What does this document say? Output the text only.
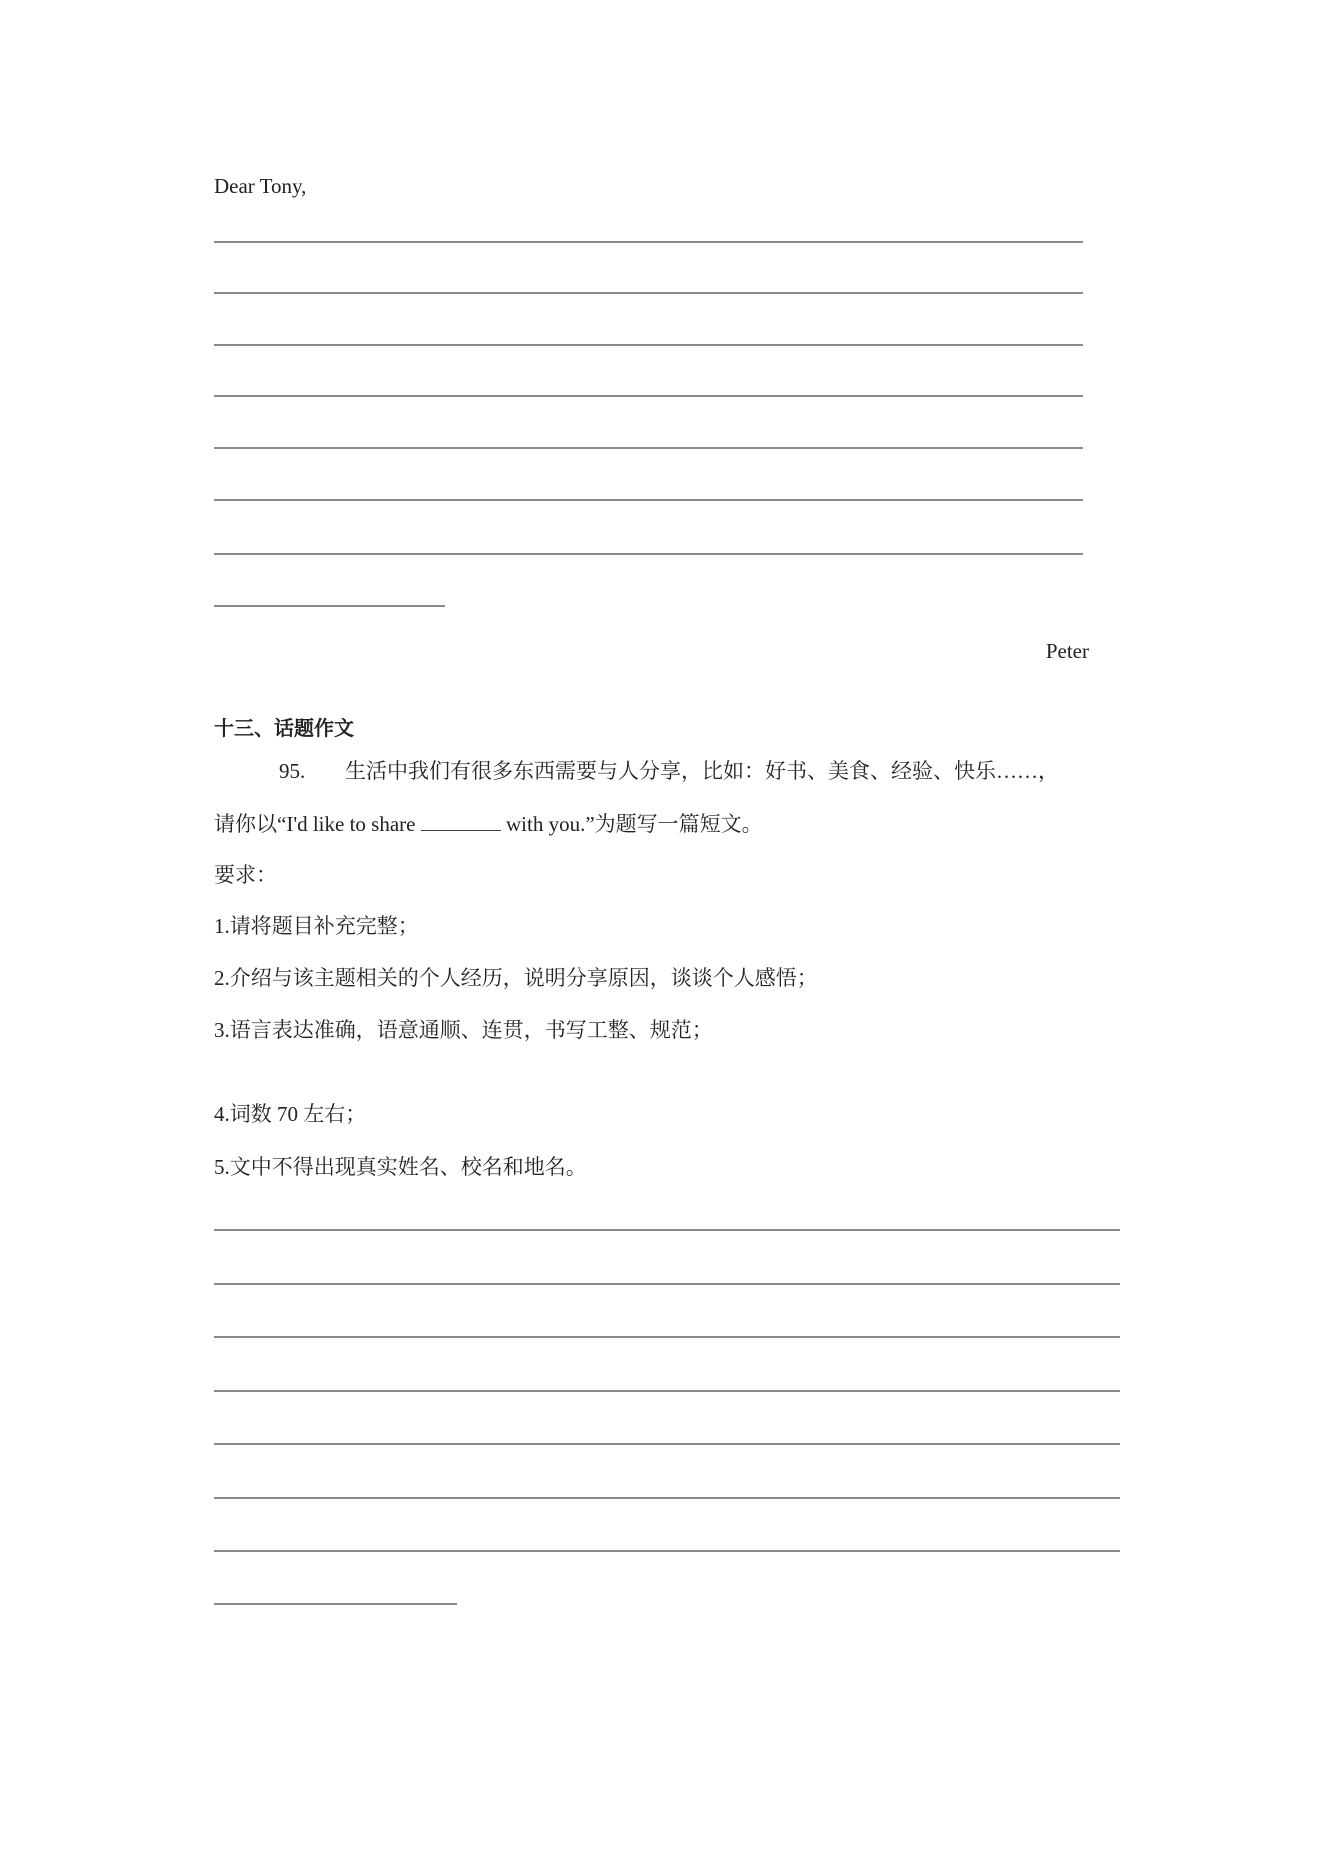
Dear Tony,
Peter
十三、话题作文
95. 生活中我们有很多东西需要与人分享，比如：好书、美食、经验、快乐……，
请你以“I'd like to share	with you.”为题写一篇短文。
要求：
1.请将题目补充完整；
2.介绍与该主题相关的个人经历，说明分享原因，谈谈个人感悟；
3.语言表达准确，语意通顺、连贯，书写工整、规范；
4.词数 70 左右；
5.文中不得出现真实姓名、校名和地名。
